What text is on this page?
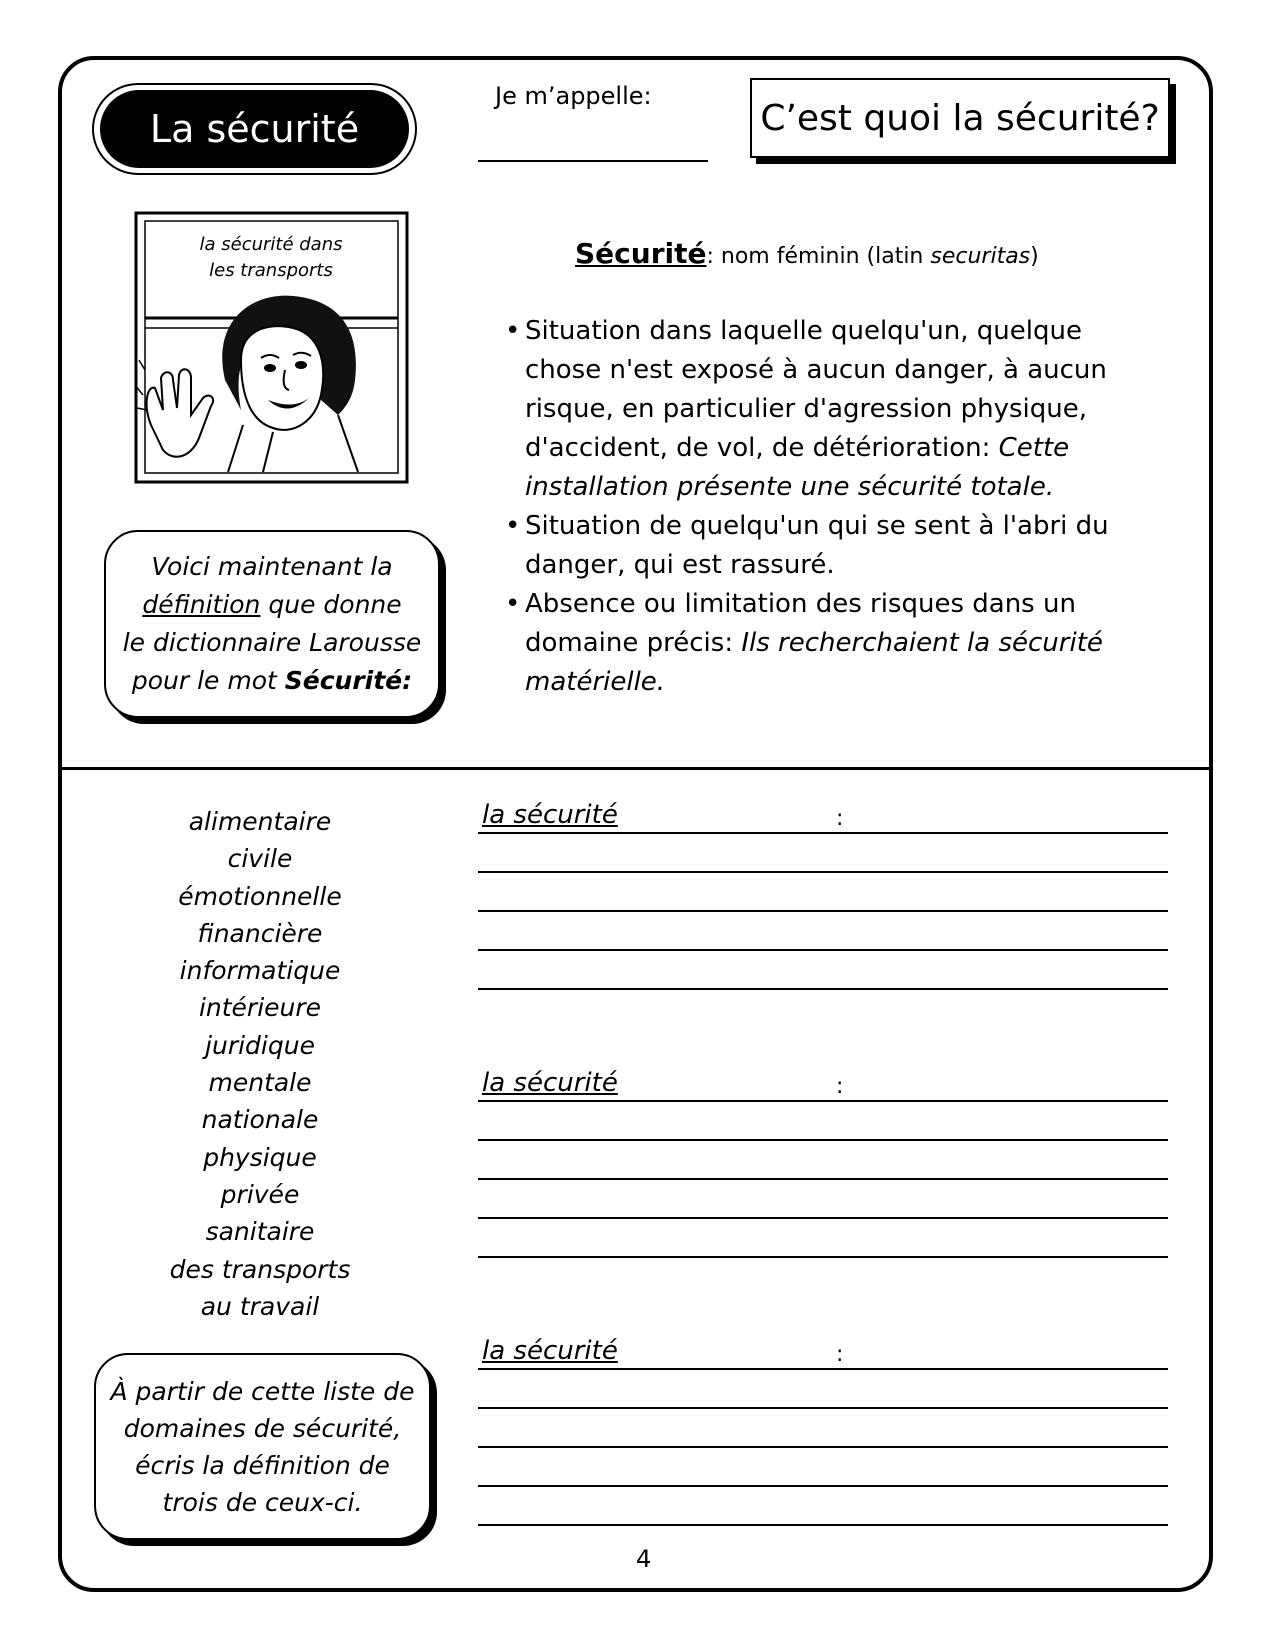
La sécurité
Je m’appelle:
C’est quoi la sécurité?
la sécurité dans
les transports
Voici maintenant la
définition que donne
le dictionnaire Larousse
pour le mot Sécurité:
Sécurité: nom féminin (latin securitas)
• Situation dans laquelle quelqu'un, quelque chose n'est exposé à aucun danger, à aucun risque, en particulier d'agression physique, d'accident, de vol, de détérioration: Cette installation présente une sécurité totale.
• Situation de quelqu'un qui se sent à l'abri du danger, qui est rassuré.
• Absence ou limitation des risques dans un domaine précis: Ils recherchaient la sécurité matérielle.
alimentaire
civile
émotionnelle
financière
informatique
intérieure
juridique
mentale
nationale
physique
privée
sanitaire
des transports
au travail
À partir de cette liste de
domaines de sécurité,
écris la définition de
trois de ceux-ci.
la sécurité	:
la sécurité	:
la sécurité	:
4
